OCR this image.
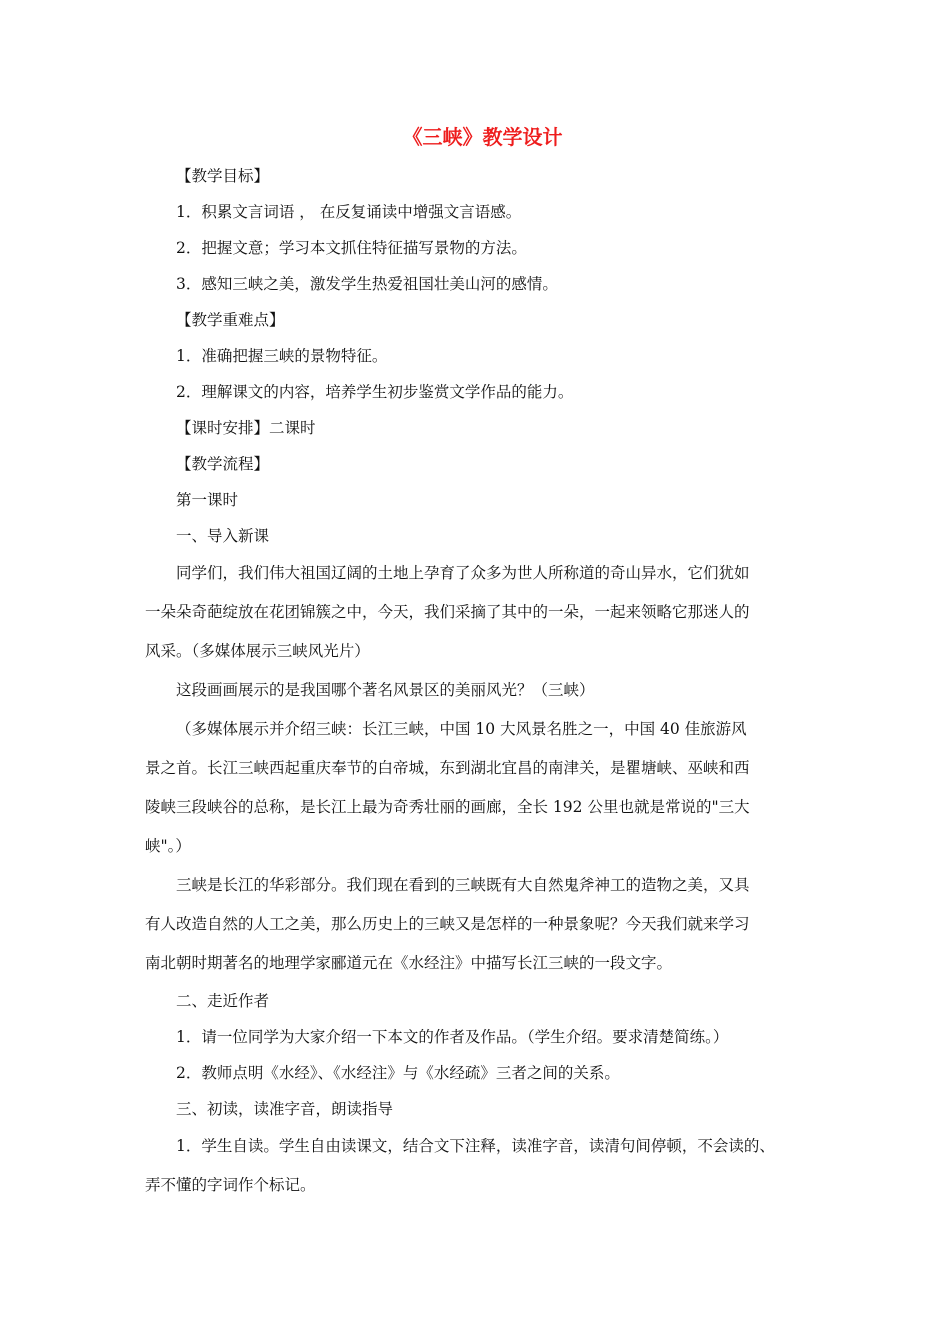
《三峡》教学设计
【教学目标】
1．积累文言词语 ， 在反复诵读中增强文言语感。
2．把握文意；学习本文抓住特征描写景物的方法。
3．感知三峡之美，激发学生热爱祖国壮美山河的感情。
【教学重难点】
1．准确把握三峡的景物特征。
2．理解课文的内容，培养学生初步鉴赏文学作品的能力。
【课时安排】二课时
【教学流程】
第一课时
一、导入新课
同学们，我们伟大祖国辽阔的土地上孕育了众多为世人所称道的奇山异水，它们犹如
一朵朵奇葩绽放在花团锦簇之中，今天，我们采摘了其中的一朵，一起来领略它那迷人的
风采。（多媒体展示三峡风光片）
这段画画展示的是我国哪个著名风景区的美丽风光？（三峡）
（多媒体展示并介绍三峡：长江三峡，中国 10 大风景名胜之一，中国 40 佳旅游风
景之首。长江三峡西起重庆奉节的白帝城，东到湖北宜昌的南津关，是瞿塘峡、巫峡和西
陵峡三段峡谷的总称，是长江上最为奇秀壮丽的画廊，全长 192 公里也就是常说的"三大
峡"。）
三峡是长江的华彩部分。我们现在看到的三峡既有大自然鬼斧神工的造物之美，又具
有人改造自然的人工之美，那么历史上的三峡又是怎样的一种景象呢？今天我们就来学习
南北朝时期著名的地理学家郦道元在《水经注》中描写长江三峡的一段文字。
二、走近作者
1．请一位同学为大家介绍一下本文的作者及作品。（学生介绍。要求清楚简练。）
2．教师点明《水经》、《水经注》与《水经疏》三者之间的关系。
三、初读，读准字音，朗读指导
1．学生自读。学生自由读课文，结合文下注释，读准字音，读清句间停顿，不会读的、
弄不懂的字词作个标记。
